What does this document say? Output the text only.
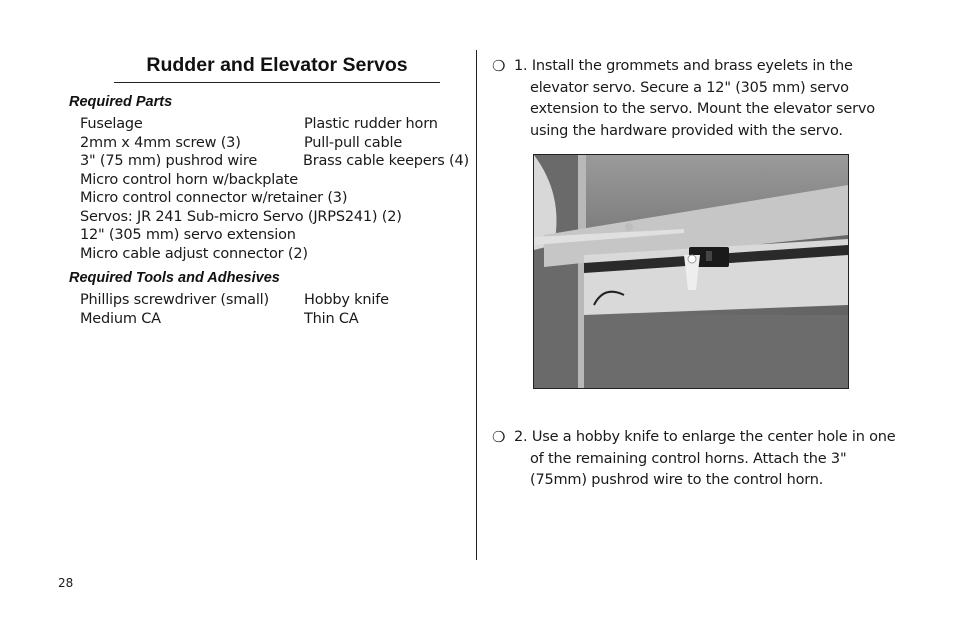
Rudder and Elevator Servos
Required Parts
Fuselage	Plastic rudder horn
2mm x 4mm screw (3)	Pull-pull cable
3" (75 mm) pushrod wire	Brass cable keepers (4)
Micro control horn w/backplate
Micro control connector w/retainer (3)
Servos: JR 241 Sub-micro Servo (JRPS241) (2)
12" (305 mm) servo extension
Micro cable adjust connector (2)
Required Tools and Adhesives
Phillips screwdriver (small)	Hobby knife
Medium CA	Thin CA
❍ 1. Install the grommets and brass eyelets in the elevator servo. Secure a 12" (305 mm) servo extension to the servo. Mount the elevator servo using the hardware provided with the servo.
❍ 2. Use a hobby knife to enlarge the center hole in one of the remaining control horns. Attach the 3" (75mm) pushrod wire to the control horn.
28
